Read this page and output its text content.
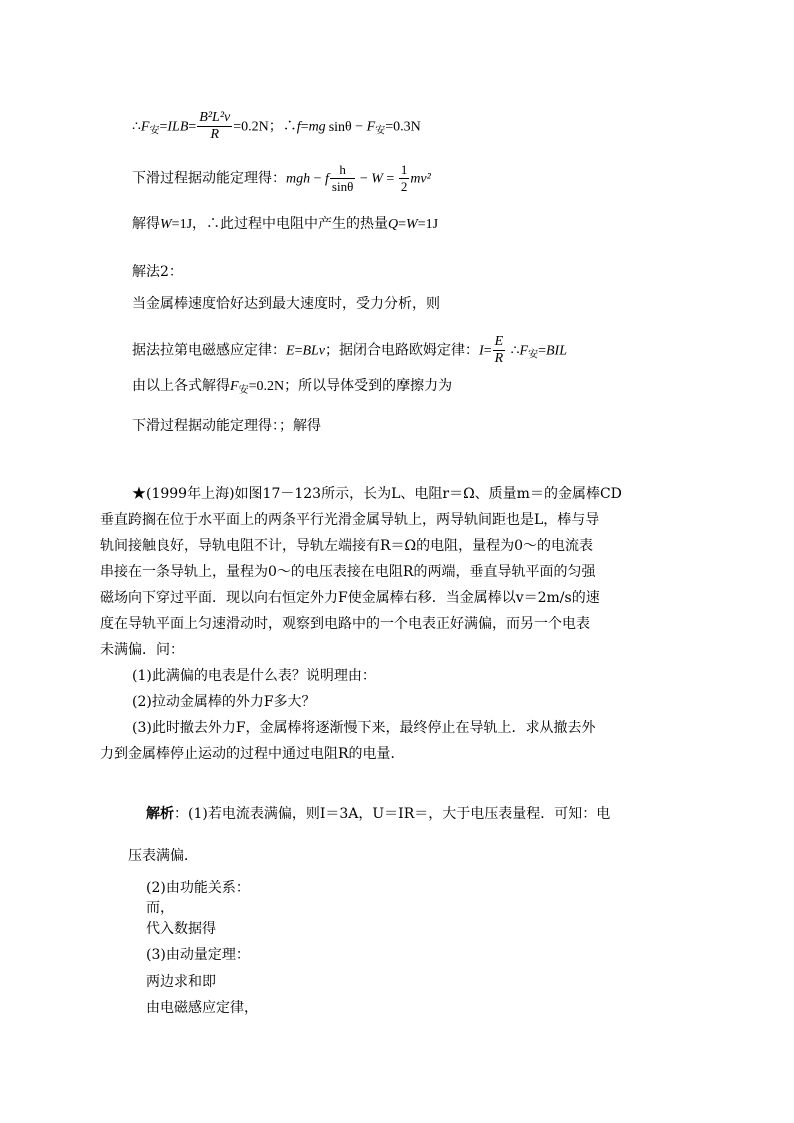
$\therefore F_安=ILB= \frac{\text{B²L²v}}{R} =0.2N$；∴f=mg $\sin\theta - F_安=0.3N$
下滑过程据动能定理得：mgh − f $\frac{h}{\sin\theta} - W = \frac{1}{2} mv^2$
解得W=1J，∴此过程中电阻中产生的热量Q=W=1J
解法2：
当金属棒速度恰好达到最大速度时，受力分析，则
据法拉第电磁感应定律：E=BLv；据闭合电路欧姆定律：$I= \frac{E}{R}$ $\therefore F_安=BIL$
由以上各式解得$F_安=0.2N$；所以导体受到的摩擦力为
下滑过程据动能定理得：；解得
★(1999年上海)如图17－123所示，长为L、电阻r＝Ω、质量m＝的金属棒CD
垂直跨搁在位于水平面上的两条平行光滑金属导轨上，两导轨间距也是L，棒与导
轨间接触良好，导轨电阻不计，导轨左端接有R＝Ω的电阻，量程为0～的电流表
串接在一条导轨上，量程为0～的电压表接在电阻R的两端，垂直导轨平面的匀强
磁场向下穿过平面．现以向右恒定外力F使金属棒右移．当金属棒以v＝2m/s的速
度在导轨平面上匀速滑动时，观察到电路中的一个电表正好满偏，而另一个电表
未满偏．问：
(1)此满偏的电表是什么表？说明理由：
(2)拉动金属棒的外力F多大？
(3)此时撤去外力F，金属棒将逐渐慢下来，最终停止在导轨上．求从撤去外
力到金属棒停止运动的过程中通过电阻R的电量．
解析：(1)若电流表满偏，则I＝3A，U＝IR＝，大于电压表量程．可知：电
压表满偏．
(2)由功能关系：
而，
代入数据得
(3)由动量定理：
两边求和即
由电磁感应定律，
